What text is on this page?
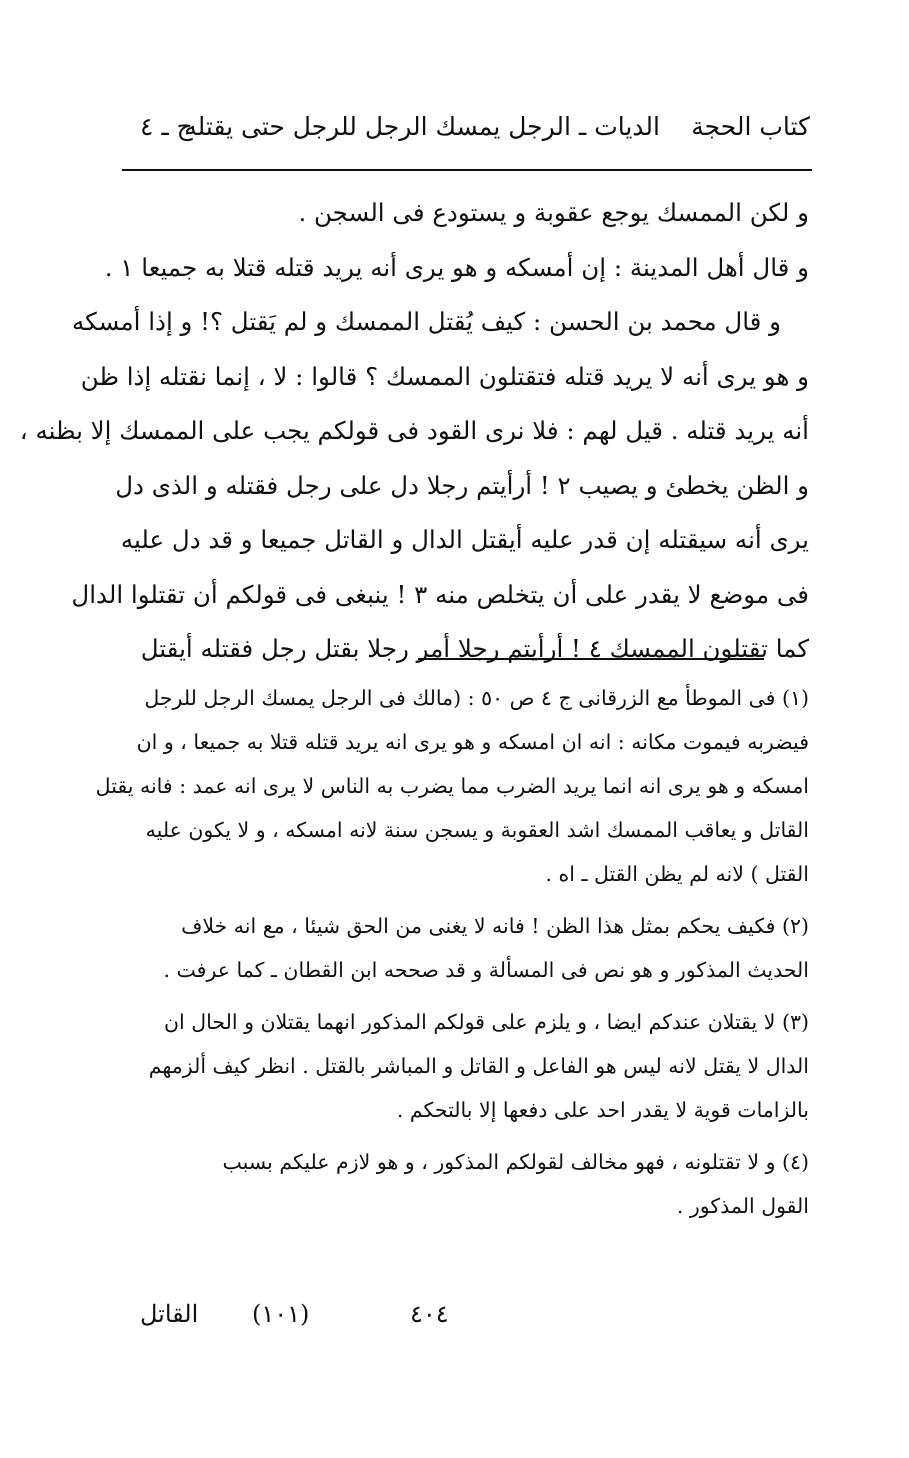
كتاب الحجة
الديات ـ الرجل يمسك الرجل للرجل حتى يقتله
ج ـ ٤

و لكن الممسك يوجع عقوبة و يستودع فى السجن .

و قال أهل المدينة : إن أمسكه و هو يرى أنه يريد قتله قتلا به جميعا ١ .

و قال محمد بن الحسن : كيف يُقتل الممسك و لم يَقتل ؟! و إذا أمسكه

و هو يرى أنه لا يريد قتله فتقتلون الممسك ؟ قالوا : لا ، إنما نقتله إذا ظن

أنه يريد قتله . قيل لهم : فلا نرى القود فى قولكم يجب على الممسك إلا بظنه ،

و الظن يخطئ و يصيب ٢ ! أرأيتم رجلا دل على رجل فقتله و الذى دل

يرى أنه سيقتله إن قدر عليه أيقتل الدال و القاتل جميعا و قد دل عليه

فى موضع لا يقدر على أن يتخلص منه ٣ ! ينبغى فى قولكم أن تقتلوا الدال

كما تقتلون الممسك ٤ ! أرأيتم رجلا أمر رجلا بقتل رجل فقتله أيقتل

(١) فى الموطأ مع الزرقانى ج ٤ ص ٥٠ : (مالك فى الرجل يمسك الرجل للرجل

فيضربه فيموت مكانه : انه ان امسكه و هو يرى انه يريد قتله قتلا به جميعا ، و ان

امسكه و هو يرى انه انما يريد الضرب مما يضرب به الناس لا يرى انه عمد : فانه يقتل

القاتل و يعاقب الممسك اشد العقوبة و يسجن سنة لانه امسكه ، و لا يكون عليه

القتل ) لانه لم يظن القتل ـ اه .

(٢) فكيف يحكم بمثل هذا الظن ! فانه لا يغنى من الحق شيئا ، مع انه خلاف

الحديث المذكور و هو نص فى المسألة و قد صححه ابن القطان ـ كما عرفت .

(٣) لا يقتلان عندكم ايضا ، و يلزم على قولكم المذكور انهما يقتلان و الحال ان

الدال لا يقتل لانه ليس هو الفاعل و القاتل و المباشر بالقتل . انظر كيف ألزمهم

بالزامات قوية لا يقدر احد على دفعها إلا بالتحكم .

(٤) و لا تقتلونه ، فهو مخالف لقولكم المذكور ، و هو لازم عليكم بسبب

القول المذكور .

٤٠٤
(١٠١)
القاتل
